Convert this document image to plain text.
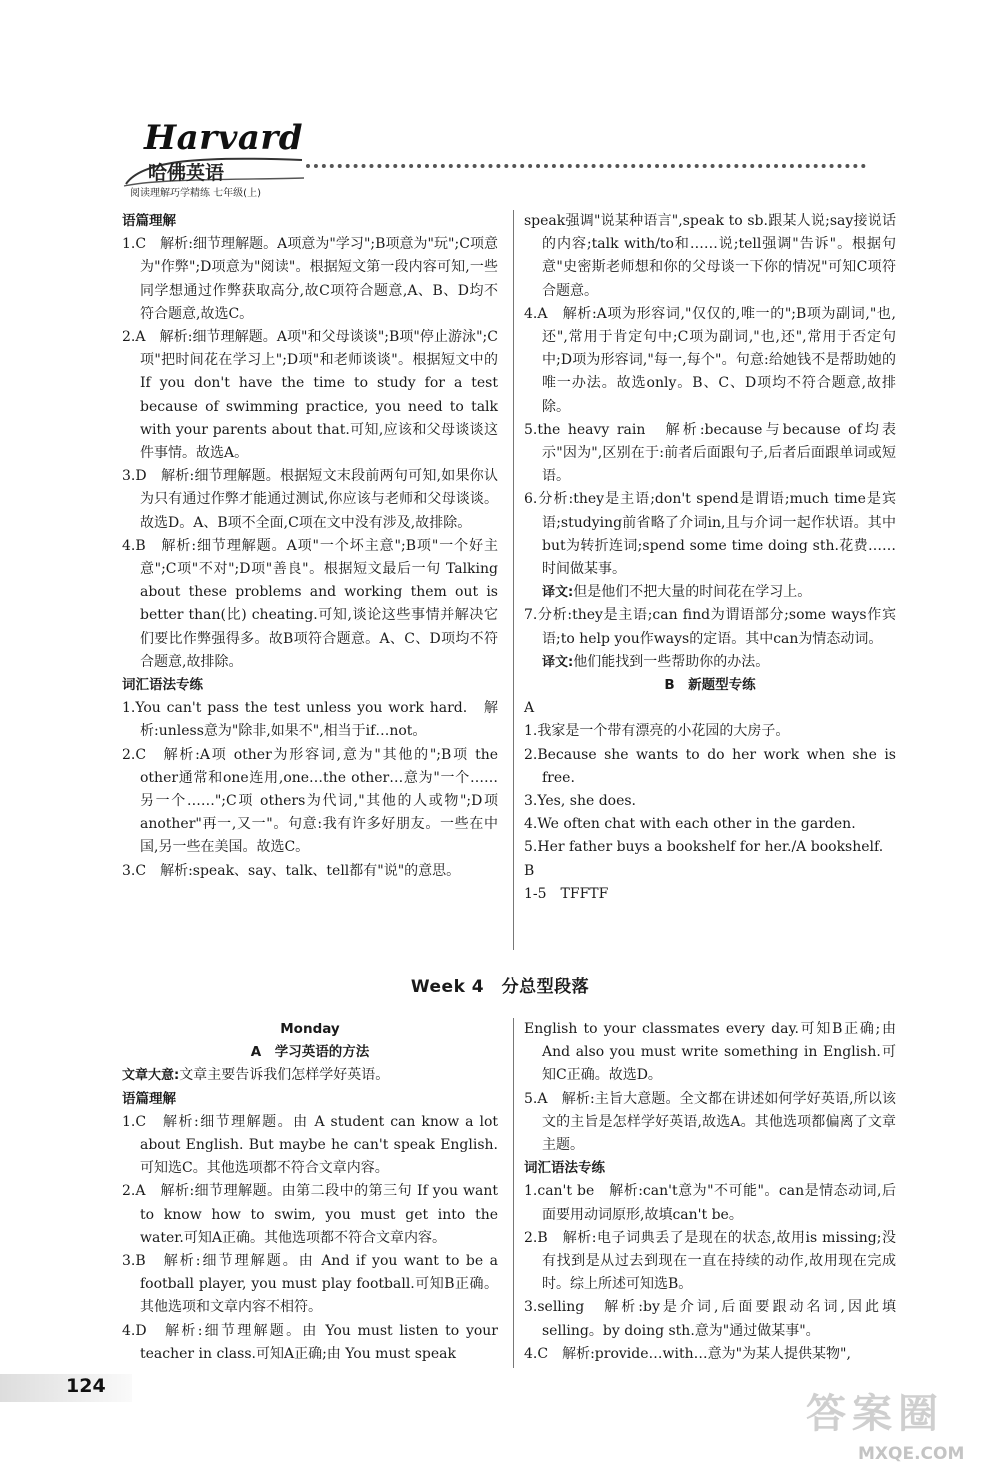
Harvard
哈佛英语
阅读理解巧学精练 七年级(上)

语篇理解

1.C　解析:细节理解题。A项意为"学习";B项意为"玩";C项意为"作弊";D项意为"阅读"。根据短文第一段内容可知,一些同学想通过作弊获取高分,故C项符合题意,A、B、D均不符合题意,故选C。

2.A　解析:细节理解题。A项"和父母谈谈";B项"停止游泳";C项"把时间花在学习上";D项"和老师谈谈"。根据短文中的 If you don't have the time to study for a test because of swimming practice, you need to talk with your parents about that.可知,应该和父母谈谈这件事情。故选A。

3.D　解析:细节理解题。根据短文末段前两句可知,如果你认为只有通过作弊才能通过测试,你应该与老师和父母谈谈。故选D。A、B项不全面,C项在文中没有涉及,故排除。

4.B　解析:细节理解题。A项"一个坏主意";B项"一个好主意";C项"不对";D项"善良"。根据短文最后一句 Talking about these problems and working them out is better than(比) cheating.可知,谈论这些事情并解决它们要比作弊强得多。故B项符合题意。A、C、D项均不符合题意,故排除。

词汇语法专练

1.You can't pass the test unless you work hard.　解析:unless意为"除非,如果不",相当于if…not。

2.C　解析:A项 other为形容词,意为"其他的";B项 the other通常和one连用,one…the other…意为"一个……另一个……";C项 others为代词,"其他的人或物";D项 another"再一,又一"。句意:我有许多好朋友。一些在中国,另一些在美国。故选C。

3.C　解析:speak、say、talk、tell都有"说"的意思。

speak强调"说某种语言",speak to sb.跟某人说;say接说话的内容;talk with/to和……说;tell强调"告诉"。根据句意"史密斯老师想和你的父母谈一下你的情况"可知C项符合题意。

4.A　解析:A项为形容词,"仅仅的,唯一的";B项为副词,"也,还",常用于肯定句中;C项为副词,"也,还",常用于否定句中;D项为形容词,"每一,每个"。句意:给她钱不是帮助她的唯一办法。故选only。B、C、D项均不符合题意,故排除。

5.the heavy rain　解析:because与because of均表示"因为",区别在于:前者后面跟句子,后者后面跟单词或短语。

6.分析:they是主语;don't spend是谓语;much time是宾语;studying前省略了介词in,且与介词一起作状语。其中but为转折连词;spend some time doing sth.花费……时间做某事。

译文:但是他们不把大量的时间花在学习上。

7.分析:they是主语;can find为谓语部分;some ways作宾语;to help you作ways的定语。其中can为情态动词。

译文:他们能找到一些帮助你的办法。

B　新题型专练

A

1.我家是一个带有漂亮的小花园的大房子。

2.Because she wants to do her work when she is free.

3.Yes, she does.

4.We often chat with each other in the garden.

5.Her father buys a bookshelf for her./A bookshelf.

B

1-5　TFFTF

Week 4　分总型段落

Monday

A　学习英语的方法

文章大意:文章主要告诉我们怎样学好英语。

语篇理解

1.C　解析:细节理解题。由 A student can know a lot about English. But maybe he can't speak English.可知选C。其他选项都不符合文章内容。

2.A　解析:细节理解题。由第二段中的第三句 If you want to know how to swim, you must get into the water.可知A正确。其他选项都不符合文章内容。

3.B　解析:细节理解题。由 And if you want to be a football player, you must play football.可知B正确。其他选项和文章内容不相符。

4.D　解析:细节理解题。由 You must listen to your teacher in class.可知A正确;由 You must speak

English to your classmates every day.可知B正确;由 And also you must write something in English.可知C正确。故选D。

5.A　解析:主旨大意题。全文都在讲述如何学好英语,所以该文的主旨是怎样学好英语,故选A。其他选项都偏离了文章主题。

词汇语法专练

1.can't be　解析:can't意为"不可能"。can是情态动词,后面要用动词原形,故填can't be。

2.B　解析:电子词典丢了是现在的状态,故用is missing;没有找到是从过去到现在一直在持续的动作,故用现在完成时。综上所述可知选B。

3.selling　解析:by是介词,后面要跟动名词,因此填selling。by doing sth.意为"通过做某事"。

4.C　解析:provide…with…意为"为某人提供某物",

124
答案圈
MXQE.COM
